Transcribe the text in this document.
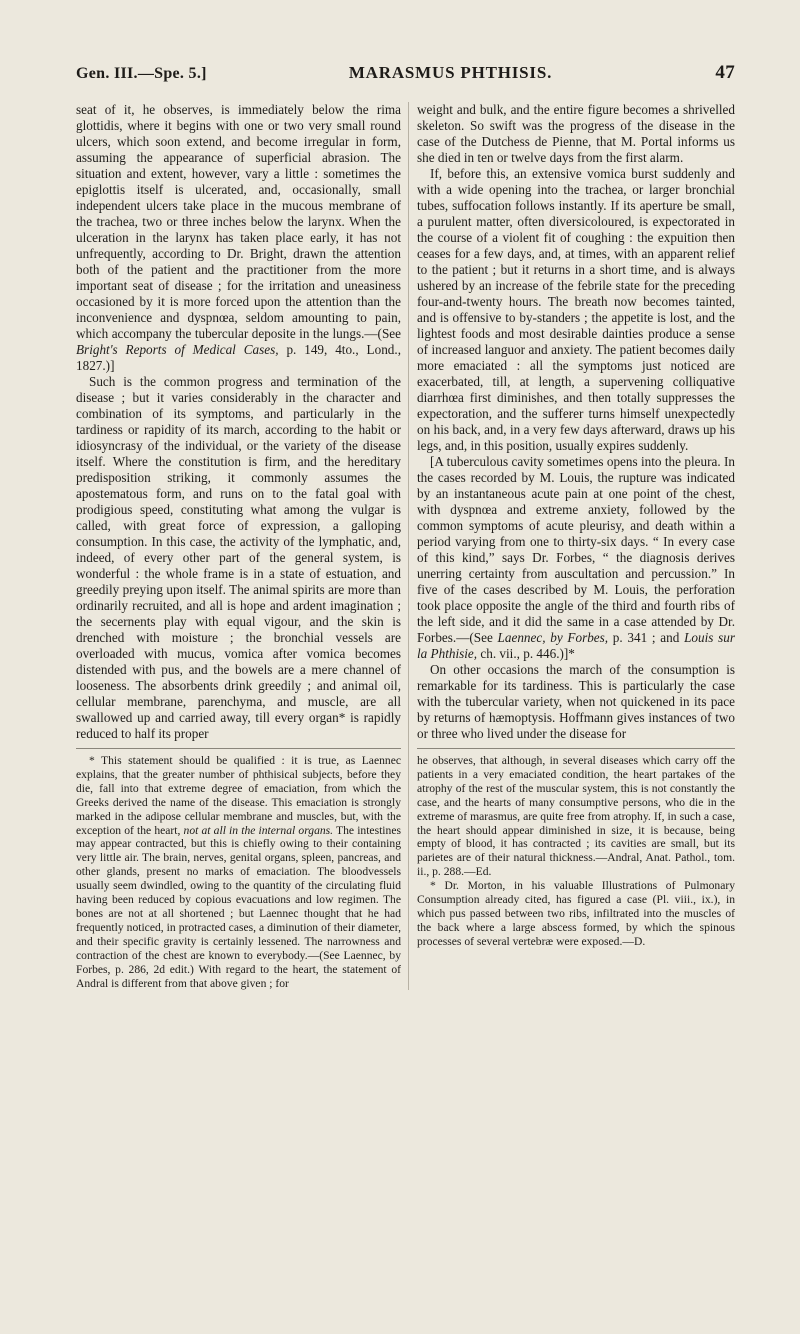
Gen. III.—Spe. 5.]	MARASMUS PHTHISIS.	47

seat of it, he observes, is immediately below the rima glottidis, where it begins with one or two very small round ulcers, which soon extend, and become irregular in form, assuming the appearance of superficial abrasion. The situation and extent, however, vary a little : sometimes the epiglottis itself is ulcerated, and, occasionally, small independent ulcers take place in the mucous membrane of the trachea, two or three inches below the larynx. When the ulceration in the larynx has taken place early, it has not unfrequently, according to Dr. Bright, drawn the attention both of the patient and the practitioner from the more important seat of disease ; for the irritation and uneasiness occasioned by it is more forced upon the attention than the inconvenience and dyspnœa, seldom amounting to pain, which accompany the tubercular deposite in the lungs.—(See Bright's Reports of Medical Cases, p. 149, 4to., Lond., 1827.)]

Such is the common progress and termination of the disease ; but it varies considerably in the character and combination of its symptoms, and particularly in the tardiness or rapidity of its march, according to the habit or idiosyncrasy of the individual, or the variety of the disease itself. Where the constitution is firm, and the hereditary predisposition striking, it commonly assumes the apostematous form, and runs on to the fatal goal with prodigious speed, constituting what among the vulgar is called, with great force of expression, a galloping consumption. In this case, the activity of the lymphatic, and, indeed, of every other part of the general system, is wonderful : the whole frame is in a state of estuation, and greedily preying upon itself. The animal spirits are more than ordinarily recruited, and all is hope and ardent imagination ; the secernents play with equal vigour, and the skin is drenched with moisture ; the bronchial vessels are overloaded with mucus, vomica after vomica becomes distended with pus, and the bowels are a mere channel of looseness. The absorbents drink greedily ; and animal oil, cellular membrane, parenchyma, and muscle, are all swallowed up and carried away, till every organ* is rapidly reduced to half its proper

* This statement should be qualified : it is true, as Laennec explains, that the greater number of phthisical subjects, before they die, fall into that extreme degree of emaciation, from which the Greeks derived the name of the disease. This emaciation is strongly marked in the adipose cellular membrane and muscles, but, with the exception of the heart, not at all in the internal organs. The intestines may appear contracted, but this is chiefly owing to their containing very little air. The brain, nerves, genital organs, spleen, pancreas, and other glands, present no marks of emaciation. The bloodvessels usually seem dwindled, owing to the quantity of the circulating fluid having been reduced by copious evacuations and low regimen. The bones are not at all shortened ; but Laennec thought that he had frequently noticed, in protracted cases, a diminution of their diameter, and their specific gravity is certainly lessened. The narrowness and contraction of the chest are known to everybody.—(See Laennec, by Forbes, p. 286, 2d edit.) With regard to the heart, the statement of Andral is different from that above given ; for

weight and bulk, and the entire figure becomes a shrivelled skeleton. So swift was the progress of the disease in the case of the Dutchess de Pienne, that M. Portal informs us she died in ten or twelve days from the first alarm.

If, before this, an extensive vomica burst suddenly and with a wide opening into the trachea, or larger bronchial tubes, suffocation follows instantly. If its aperture be small, a purulent matter, often diversicoloured, is expectorated in the course of a violent fit of coughing : the expuition then ceases for a few days, and, at times, with an apparent relief to the patient ; but it returns in a short time, and is always ushered by an increase of the febrile state for the preceding four-and-twenty hours. The breath now becomes tainted, and is offensive to by-standers ; the appetite is lost, and the lightest foods and most desirable dainties produce a sense of increased languor and anxiety. The patient becomes daily more emaciated : all the symptoms just noticed are exacerbated, till, at length, a supervening colliquative diarrhœa first diminishes, and then totally suppresses the expectoration, and the sufferer turns himself unexpectedly on his back, and, in a very few days afterward, draws up his legs, and, in this position, usually expires suddenly.

[A tuberculous cavity sometimes opens into the pleura. In the cases recorded by M. Louis, the rupture was indicated by an instantaneous acute pain at one point of the chest, with dyspnœa and extreme anxiety, followed by the common symptoms of acute pleurisy, and death within a period varying from one to thirty-six days. “ In every case of this kind,” says Dr. Forbes, “ the diagnosis derives unerring certainty from auscultation and percussion.” In five of the cases described by M. Louis, the perforation took place opposite the angle of the third and fourth ribs of the left side, and it did the same in a case attended by Dr. Forbes.—(See Laennec, by Forbes, p. 341 ; and Louis sur la Phthisie, ch. vii., p. 446.)]*

On other occasions the march of the consumption is remarkable for its tardiness. This is particularly the case with the tubercular variety, when not quickened in its pace by returns of hæmoptysis. Hoffmann gives instances of two or three who lived under the disease for

he observes, that although, in several diseases which carry off the patients in a very emaciated condition, the heart partakes of the atrophy of the rest of the muscular system, this is not constantly the case, and the hearts of many consumptive persons, who die in the extreme of marasmus, are quite free from atrophy. If, in such a case, the heart should appear diminished in size, it is because, being empty of blood, it has contracted ; its cavities are small, but its parietes are of their natural thickness.—Andral, Anat. Pathol., tom. ii., p. 288.—Ed.

* Dr. Morton, in his valuable Illustrations of Pulmonary Consumption already cited, has figured a case (Pl. viii., ix.), in which pus passed between two ribs, infiltrated into the muscles of the back where a large abscess formed, by which the spinous processes of several vertebræ were exposed.—D.
